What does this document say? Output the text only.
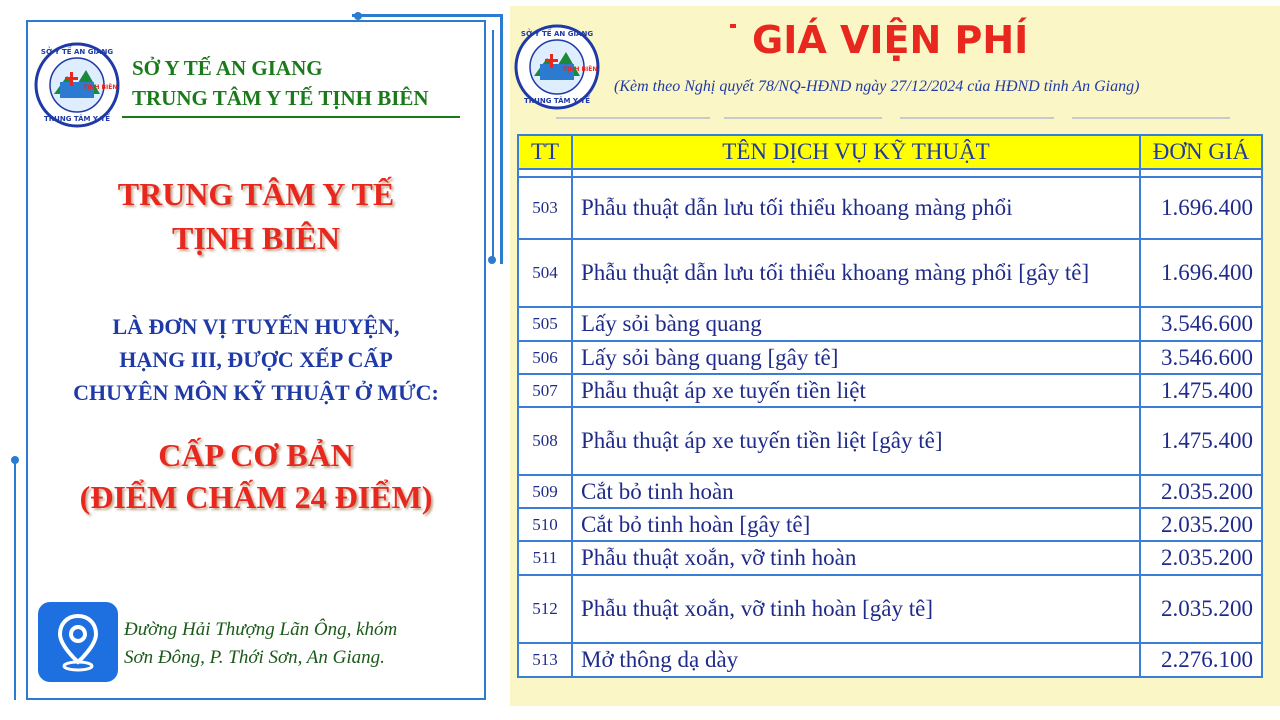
TỊNH BIÊN
SỞ Y TẾ AN GIANG
TRUNG TÂM Y TẾ
SỞ Y TẾ AN GIANG
TRUNG TÂM Y TẾ TỊNH BIÊN
TRUNG TÂM Y TẾ
TỊNH BIÊN
LÀ ĐƠN VỊ TUYẾN HUYỆN,
HẠNG III, ĐƯỢC XẾP CẤP
CHUYÊN MÔN KỸ THUẬT Ở MỨC:
CẤP CƠ BẢN
(ĐIỂM CHẤM 24 ĐIỂM)
Đường Hải Thượng Lãn Ông, khóm
Sơn Đông, P. Thới Sơn, An Giang.
TỊNH BIÊN
SỞ Y TẾ AN GIANG
TRUNG TÂM Y TẾ
GIÁ VIỆN PHÍ
(Kèm theo Nghị quyết 78/NQ-HĐND ngày 27/12/2024 của HĐND tỉnh An Giang)
TT	TÊN DỊCH VỤ KỸ THUẬT	ĐƠN GIÁ

503	Phẫu thuật dẫn lưu tối thiểu khoang màng phổi	1.696.400
504	Phẫu thuật dẫn lưu tối thiểu khoang màng phổi [gây tê]	1.696.400
505	Lấy sỏi bàng quang	3.546.600
506	Lấy sỏi bàng quang [gây tê]	3.546.600
507	Phẫu thuật áp xe tuyến tiền liệt	1.475.400
508	Phẫu thuật áp xe tuyến tiền liệt [gây tê]	1.475.400
509	Cắt bỏ tinh hoàn	2.035.200
510	Cắt bỏ tinh hoàn [gây tê]	2.035.200
511	Phẫu thuật xoắn, vỡ tinh hoàn	2.035.200
512	Phẫu thuật xoắn, vỡ tinh hoàn [gây tê]	2.035.200
513	Mở thông dạ dày	2.276.100
